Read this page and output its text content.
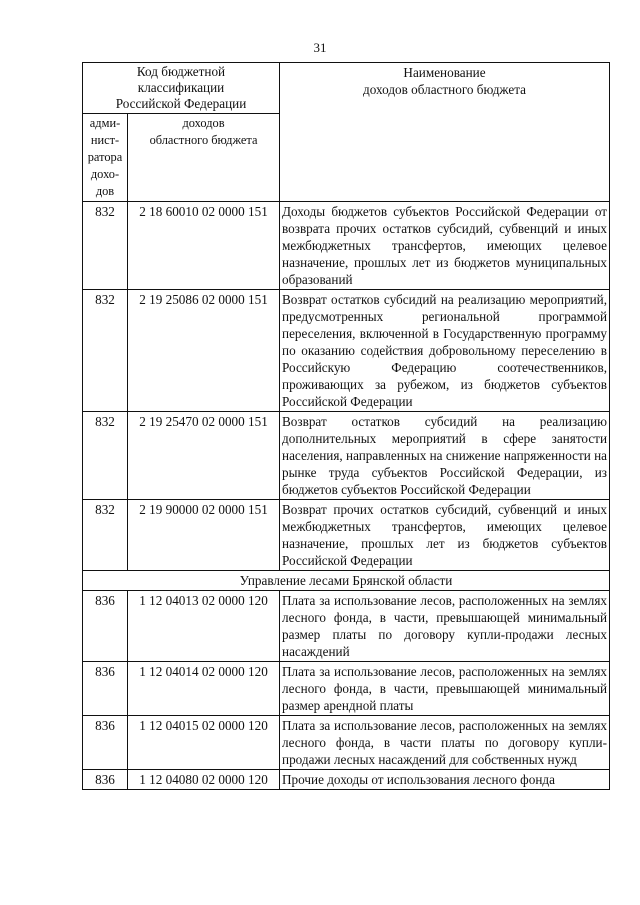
31
Код бюджетной
классификации
Российской Федерации		Наименование
доходов областного бюджета
адми-
нист-
ратора
дохо-
дов	доходов
областного бюджета	
832	2 18 60010 02 0000 151	Доходы бюджетов субъектов Российской Федерации от возврата прочих остатков субсидий, субвенций и иных межбюджетных трансфертов, имеющих целевое назначение, прошлых лет из бюджетов муниципальных образований
832	2 19 25086 02 0000 151	Возврат остатков субсидий на реализацию мероприятий, предусмотренных региональной программой переселения, включенной в Государственную программу по оказанию содействия добровольному переселению в Российскую Федерацию соотечественников, проживающих за рубежом, из бюджетов субъектов Российской Федерации
832	2 19 25470 02 0000 151	Возврат остатков субсидий на реализацию дополнительных мероприятий в сфере занятости населения, направленных на снижение напряженности на рынке труда субъектов Российской Федерации, из бюджетов субъектов Российской Федерации
832	2 19 90000 02 0000 151	Возврат прочих остатков субсидий, субвенций и иных межбюджетных трансфертов, имеющих целевое назначение, прошлых лет из бюджетов субъектов Российской Федерации
Управление лесами Брянской области		
836	1 12 04013 02 0000 120	Плата за использование лесов, расположенных на землях лесного фонда, в части, превышающей минимальный размер платы по договору купли-продажи лесных насаждений
836	1 12 04014 02 0000 120	Плата за использование лесов, расположенных на землях лесного фонда, в части, превышающей минимальный размер арендной платы
836	1 12 04015 02 0000 120	Плата за использование лесов, расположенных на землях лесного фонда, в части платы по договору купли-продажи лесных насаждений для собственных нужд
836	1 12 04080 02 0000 120	Прочие доходы от использования лесного фонда
